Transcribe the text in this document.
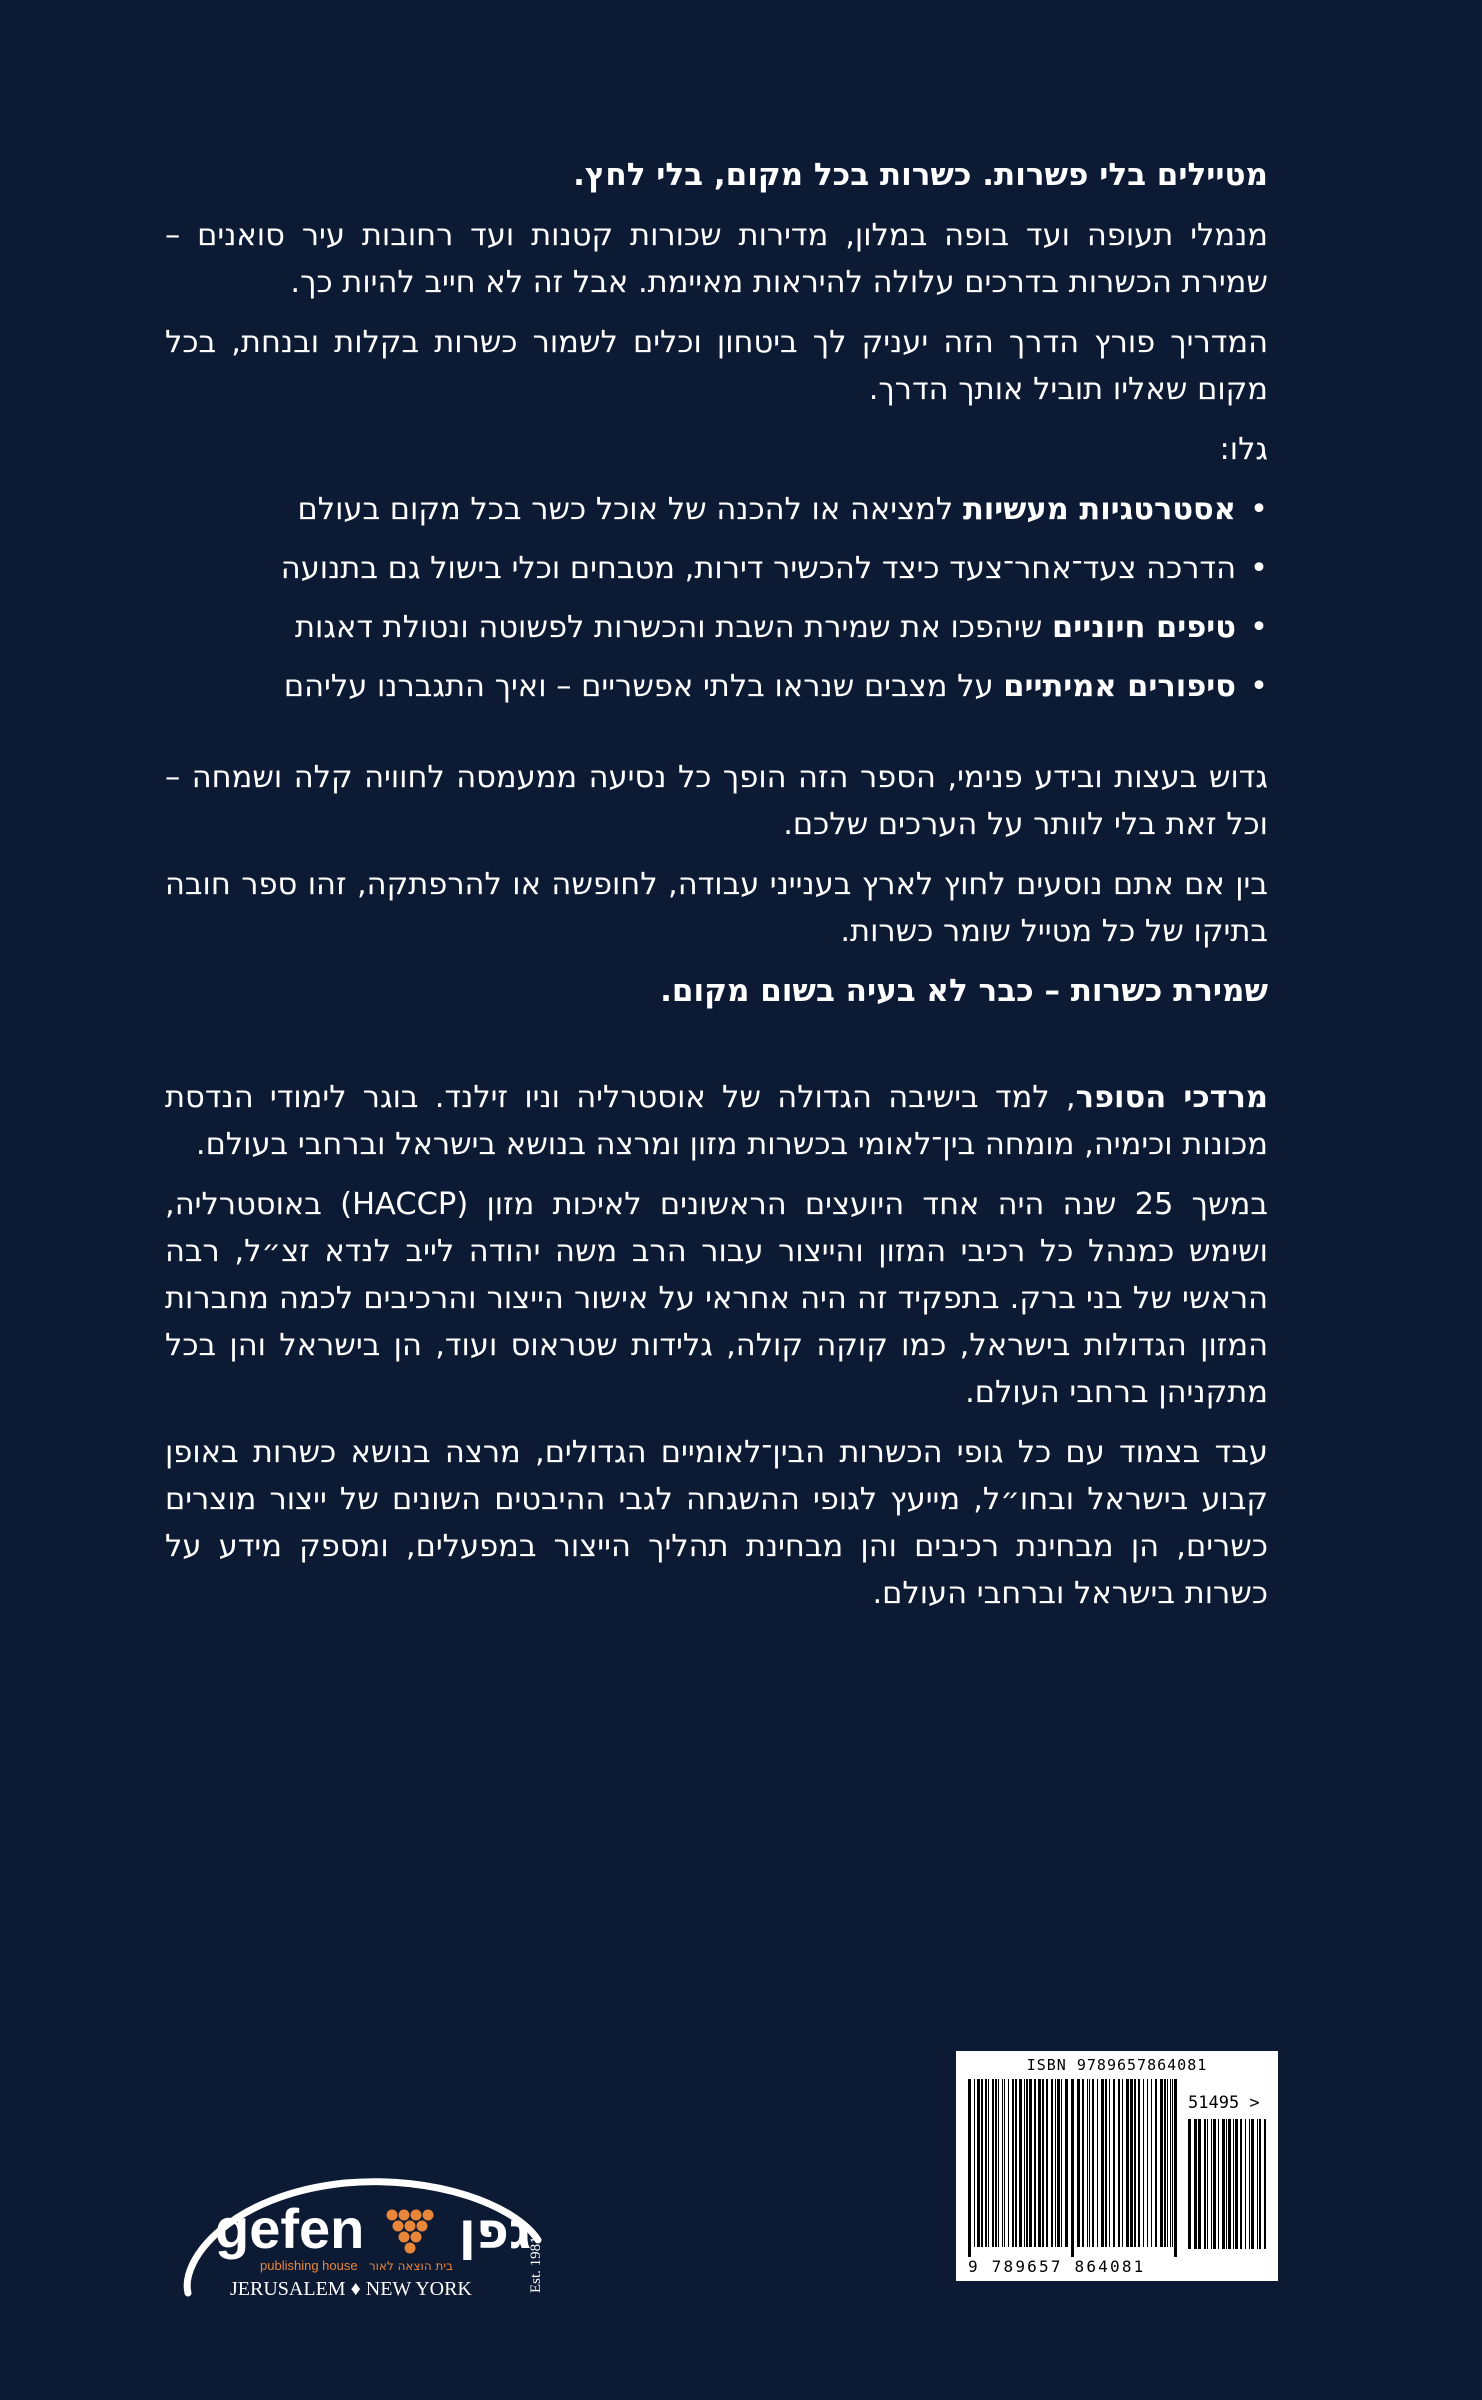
מטיילים בלי פשרות. כשרות בכל מקום, בלי לחץ.

מנמלי תעופה ועד בופה במלון, מדירות שכורות קטנות ועד רחובות עיר סואנים – שמירת הכשרות בדרכים עלולה להיראות מאיימת. אבל זה לא חייב להיות כך.

המדריך פורץ הדרך הזה יעניק לך ביטחון וכלים לשמור כשרות בקלות ובנחת, בכל מקום שאליו תוביל אותך הדרך.

גלו:

•אסטרטגיות מעשיות למציאה או להכנה של אוכל כשר בכל מקום בעולם
•הדרכה צעד־אחר־צעד כיצד להכשיר דירות, מטבחים וכלי בישול גם בתנועה
•טיפים חיוניים שיהפכו את שמירת השבת והכשרות לפשוטה ונטולת דאגות
•סיפורים אמיתיים על מצבים שנראו בלתי אפשריים – ואיך התגברנו עליהם

גדוש בעצות ובידע פנימי, הספר הזה הופך כל נסיעה ממעמסה לחוויה קלה ושמחה – וכל זאת בלי לוותר על הערכים שלכם.

בין אם אתם נוסעים לחוץ לארץ בענייני עבודה, לחופשה או להרפתקה, זהו ספר חובה בתיקו של כל מטייל שומר כשרות.

שמירת כשרות – כבר לא בעיה בשום מקום.

מרדכי הסופר, למד בישיבה הגדולה של אוסטרליה וניו זילנד. בוגר לימודי הנדסת מכונות וכימיה, מומחה בין־לאומי בכשרות מזון ומרצה בנושא בישראל וברחבי בעולם.

במשך 25 שנה היה אחד היועצים הראשונים לאיכות מזון (HACCP) באוסטרליה, ושימש כמנהל כל רכיבי המזון והייצור עבור הרב משה יהודה לייב לנדא זצ״ל, רבה הראשי של בני ברק. בתפקיד זה היה אחראי על אישור הייצור והרכיבים לכמה מחברות המזון הגדולות בישראל, כמו קוקה קולה, גלידות שטראוס ועוד, הן בישראל והן בכל מתקניהן ברחבי העולם.

עבד בצמוד עם כל גופי הכשרות הבין־לאומיים הגדולים, מרצה בנושא כשרות באופן קבוע בישראל ובחו״ל, מייעץ לגופי ההשגחה לגבי ההיבטים השונים של ייצור מוצרים כשרים, הן מבחינת רכיבים והן מבחינת תהליך הייצור במפעלים, ומספק מידע על כשרות בישראל וברחבי העולם.

gefen גפן
publishing house בית הוצאה לאור
JERUSALEM ♦ NEW YORK	Est. 1981
ISBN 9789657864081
51495 >
9 789657 864081
